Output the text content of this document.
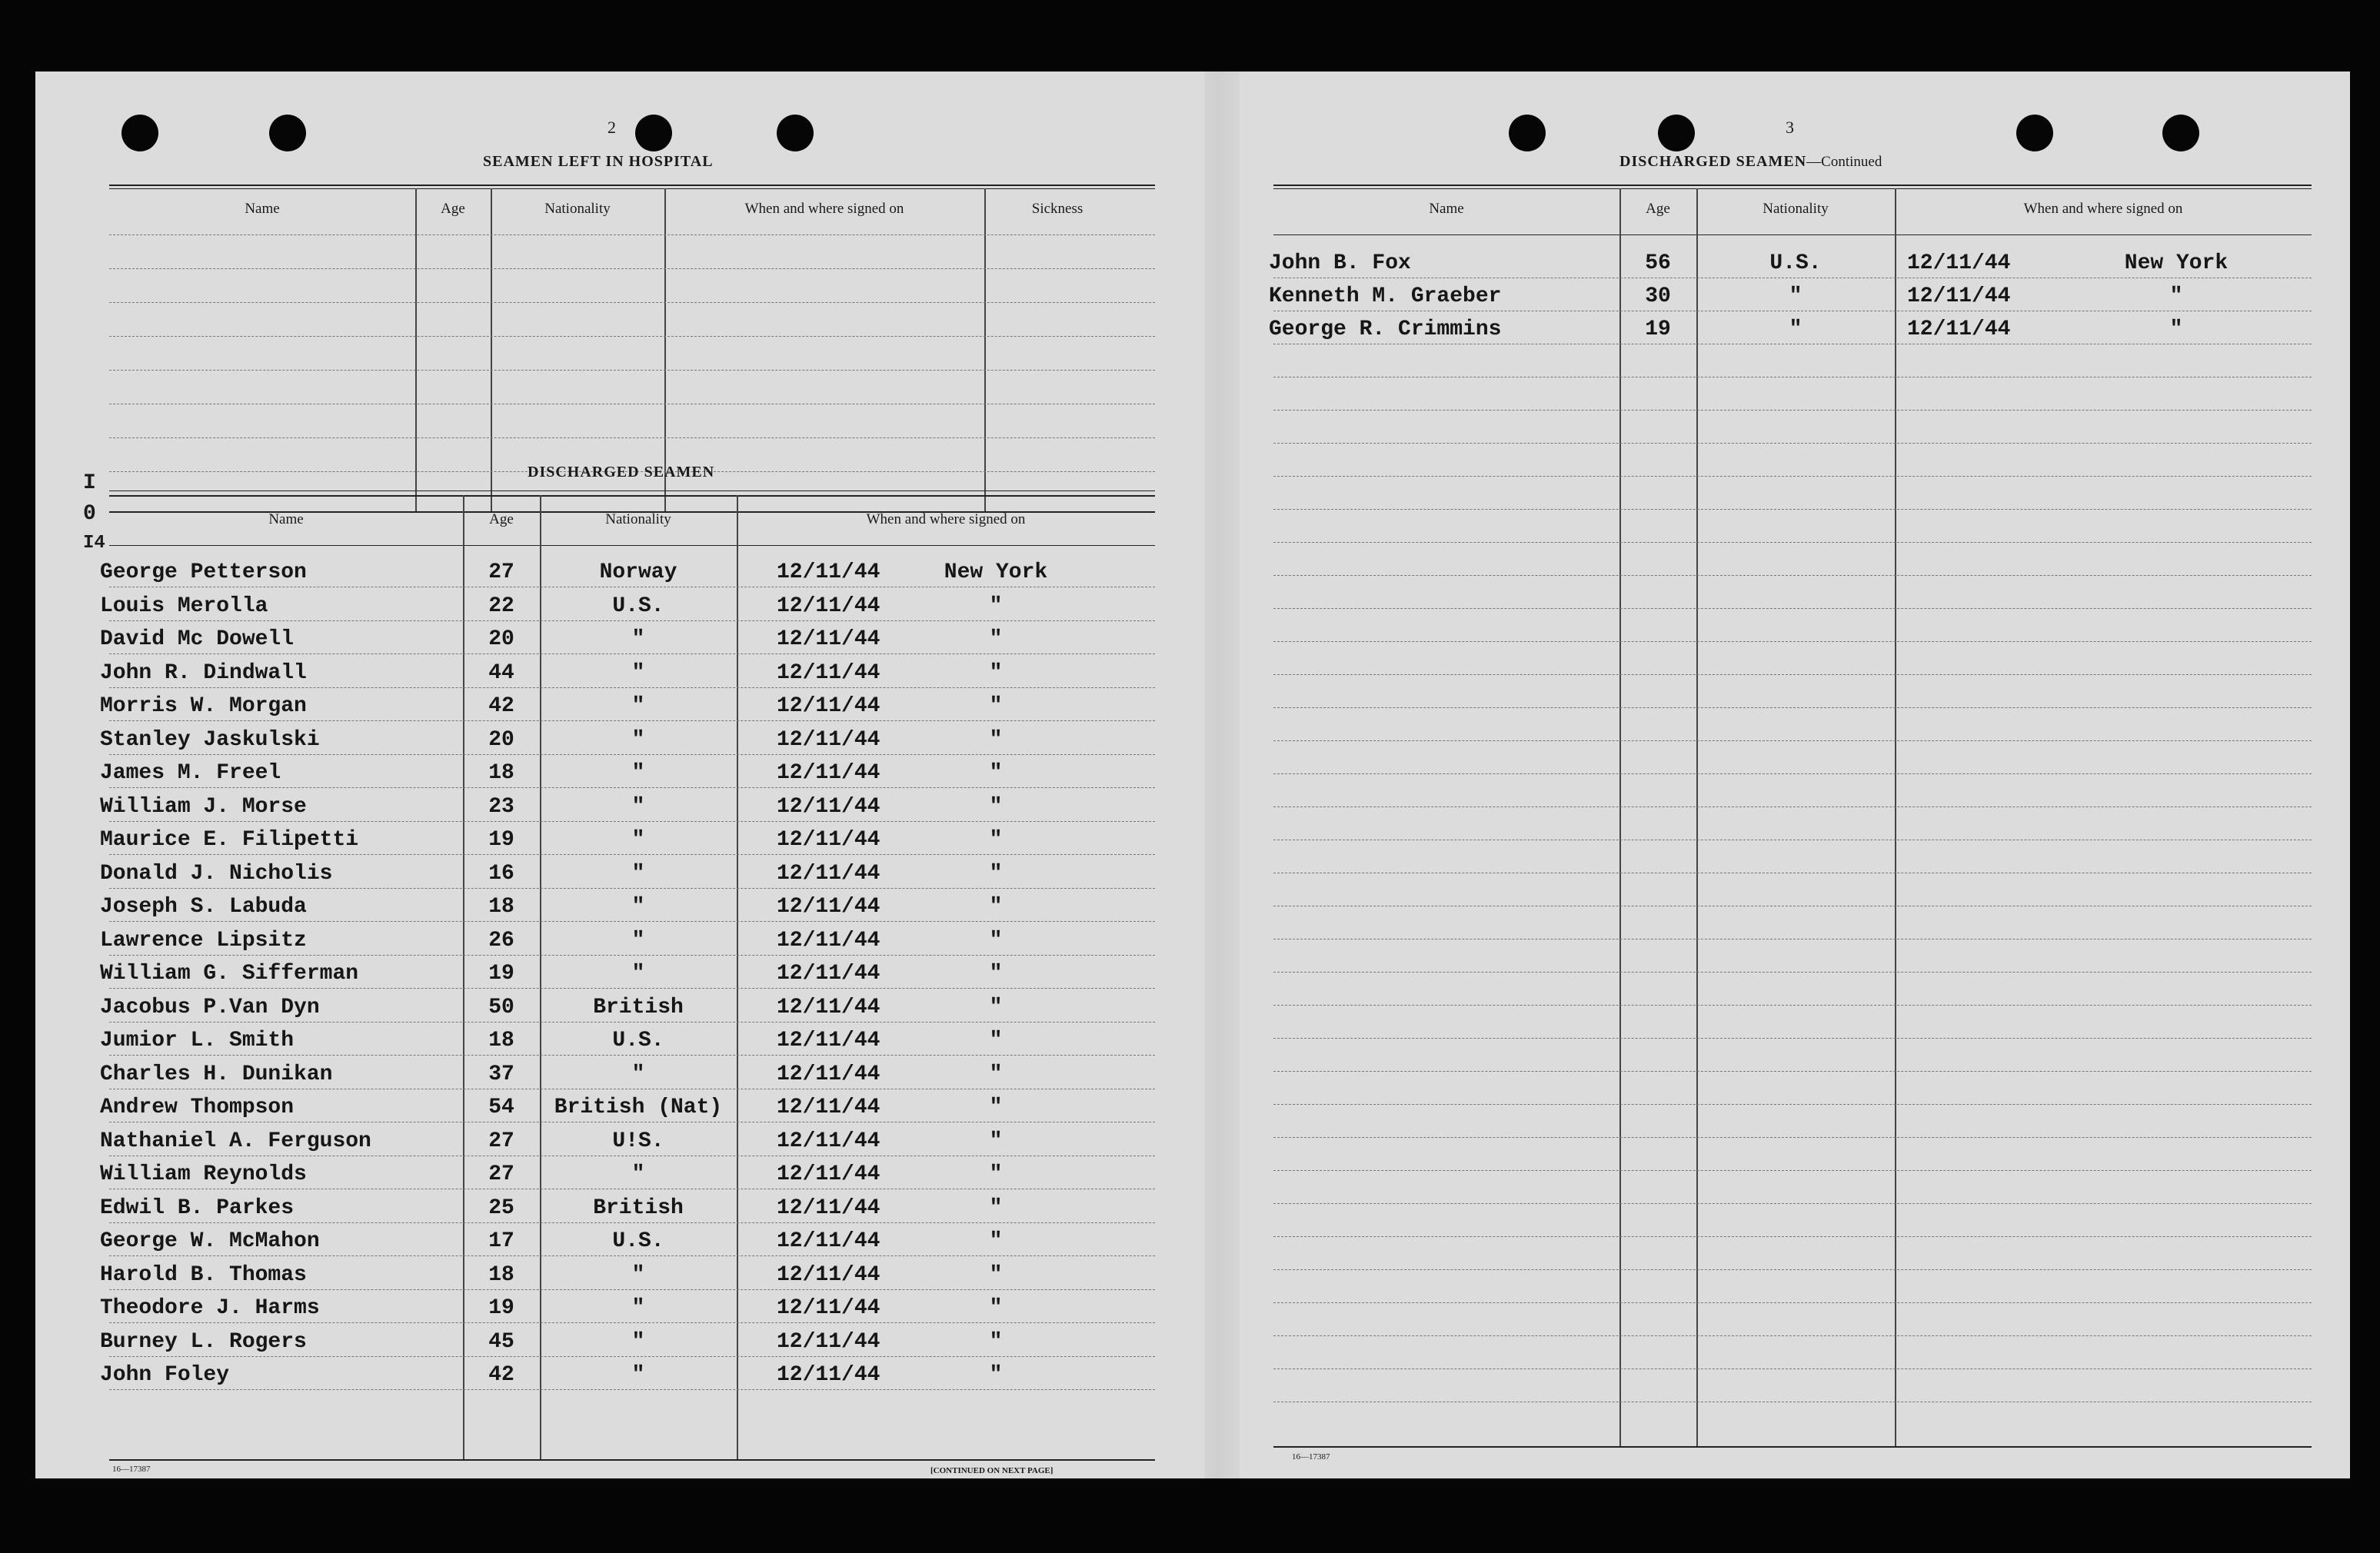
2
SEAMEN LEFT IN HOSPITAL
Name	Age	Nationality	When and where signed on	Sickness
DISCHARGED SEAMEN
Name	Age	Nationality	When and where signed on
George Petterson	27	Norway	12/11/44	New York
Louis Merolla	22	U.S.	12/11/44	"
David Mc Dowell	20	"	12/11/44	"
John R. Dindwall	44	"	12/11/44	"
Morris W. Morgan	42	"	12/11/44	"
Stanley Jaskulski	20	"	12/11/44	"
James M. Freel	18	"	12/11/44	"
William J. Morse	23	"	12/11/44	"
Maurice E. Filipetti	19	"	12/11/44	"
Donald J. Nicholis	16	"	12/11/44	"
Joseph S. Labuda	18	"	12/11/44	"
Lawrence Lipsitz	26	"	12/11/44	"
William G. Sifferman	19	"	12/11/44	"
Jacobus P.Van Dyn	50	British	12/11/44	"
Jumior L. Smith	18	U.S.	12/11/44	"
Charles H. Dunikan	37	"	12/11/44	"
Andrew Thompson	54	British (Nat)	12/11/44	"
Nathaniel A. Ferguson	27	U!S.	12/11/44	"
William Reynolds	27	"	12/11/44	"
Edwil B. Parkes	25	British	12/11/44	"
George W. McMahon	17	U.S.	12/11/44	"
Harold B. Thomas	18	"	12/11/44	"
Theodore J. Harms	19	"	12/11/44	"
Burney L. Rogers	45	"	12/11/44	"
John Foley	42	"	12/11/44	"
16—17387	[CONTINUED ON NEXT PAGE]
I
0
I4
3
DISCHARGED SEAMEN—Continued
Name	Age	Nationality	When and where signed on
John B. Fox	56	U.S.	12/11/44	New York
Kenneth M. Graeber	30	"	12/11/44	"
George R. Crimmins	19	"	12/11/44	"
16—17387
